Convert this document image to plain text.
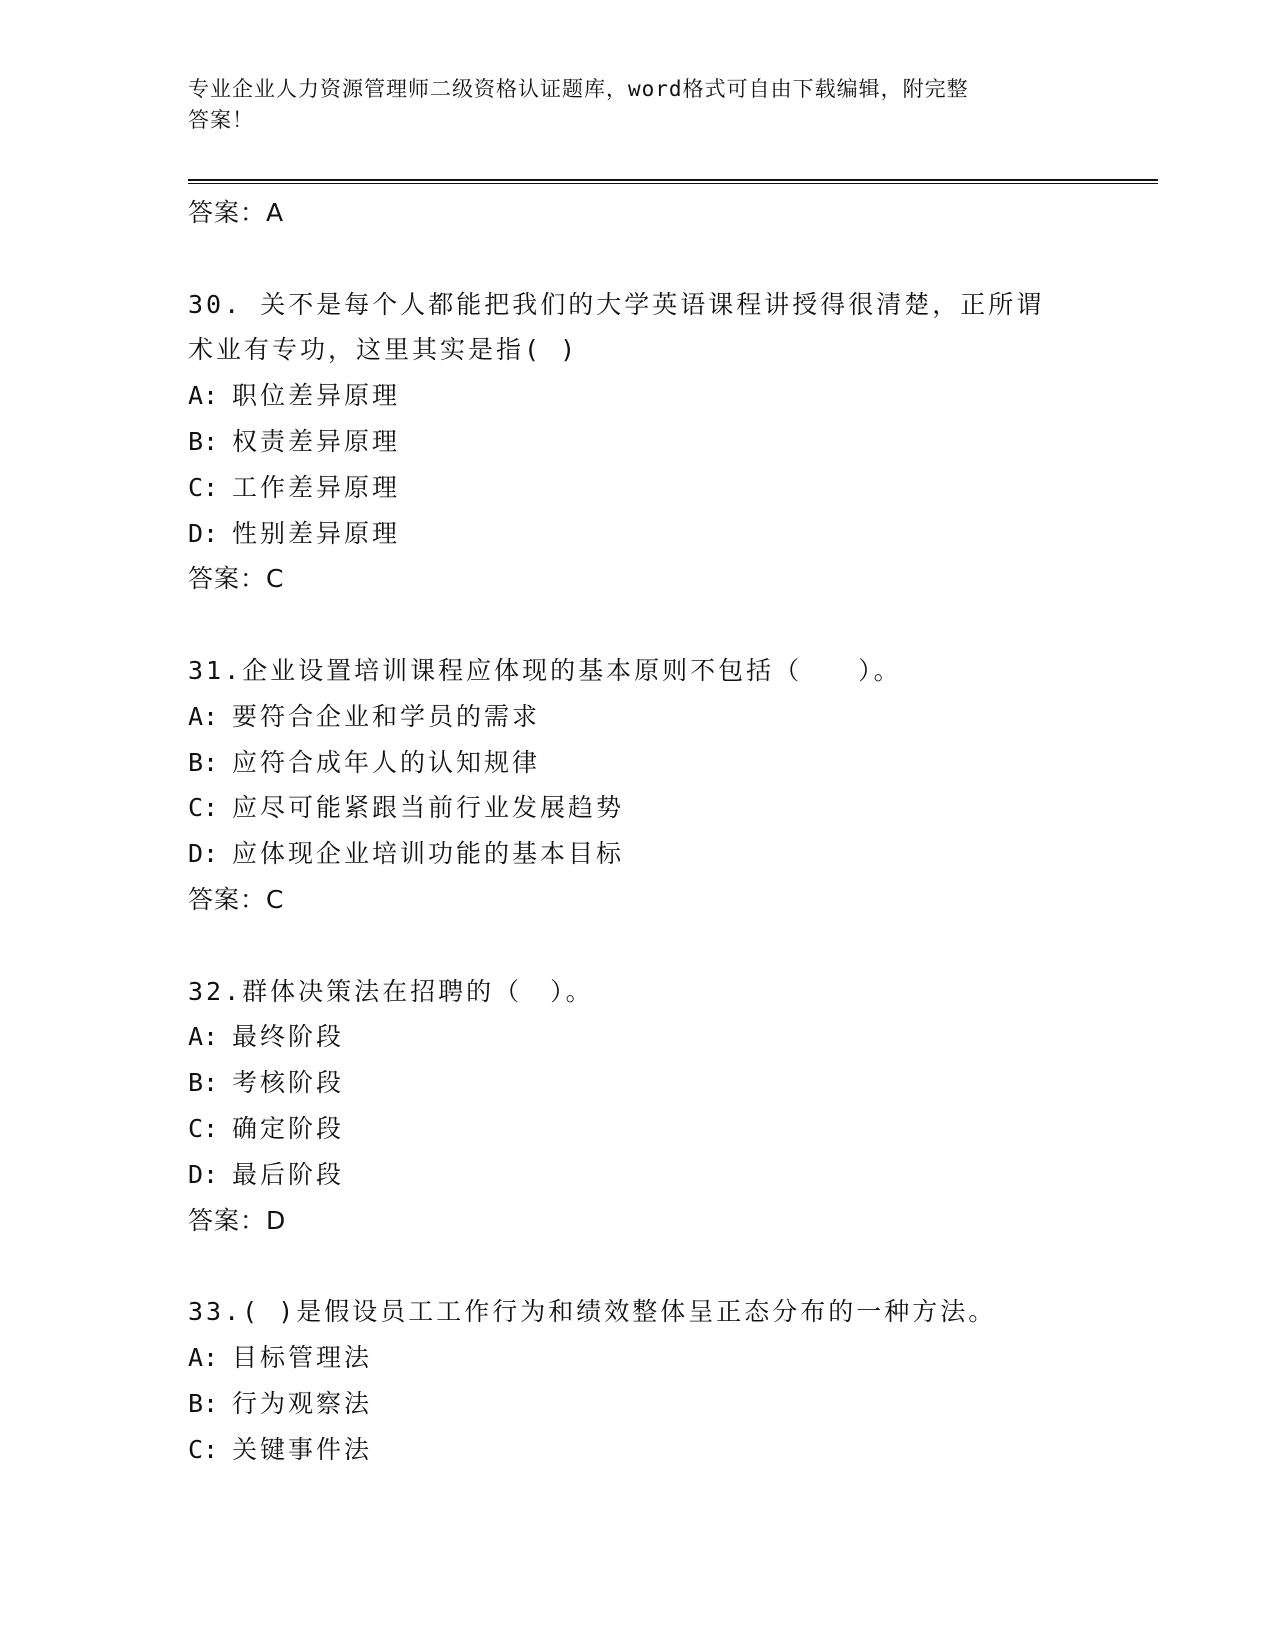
专业企业人力资源管理师二级资格认证题库，word格式可自由下载编辑，附完整
答案！
答案：A
30. 关不是每个人都能把我们的大学英语课程讲授得很清楚，正所谓
术业有专功，这里其实是指( )
A: 职位差异原理
B: 权责差异原理
C: 工作差异原理
D: 性别差异原理
答案：C
31.企业设置培训课程应体现的基本原则不包括（　　）。
A: 要符合企业和学员的需求
B: 应符合成年人的认知规律
C: 应尽可能紧跟当前行业发展趋势
D: 应体现企业培训功能的基本目标
答案：C
32.群体决策法在招聘的（　）。
A: 最终阶段
B: 考核阶段
C: 确定阶段
D: 最后阶段
答案：D
33.( )是假设员工工作行为和绩效整体呈正态分布的一种方法。
A: 目标管理法
B: 行为观察法
C: 关键事件法
